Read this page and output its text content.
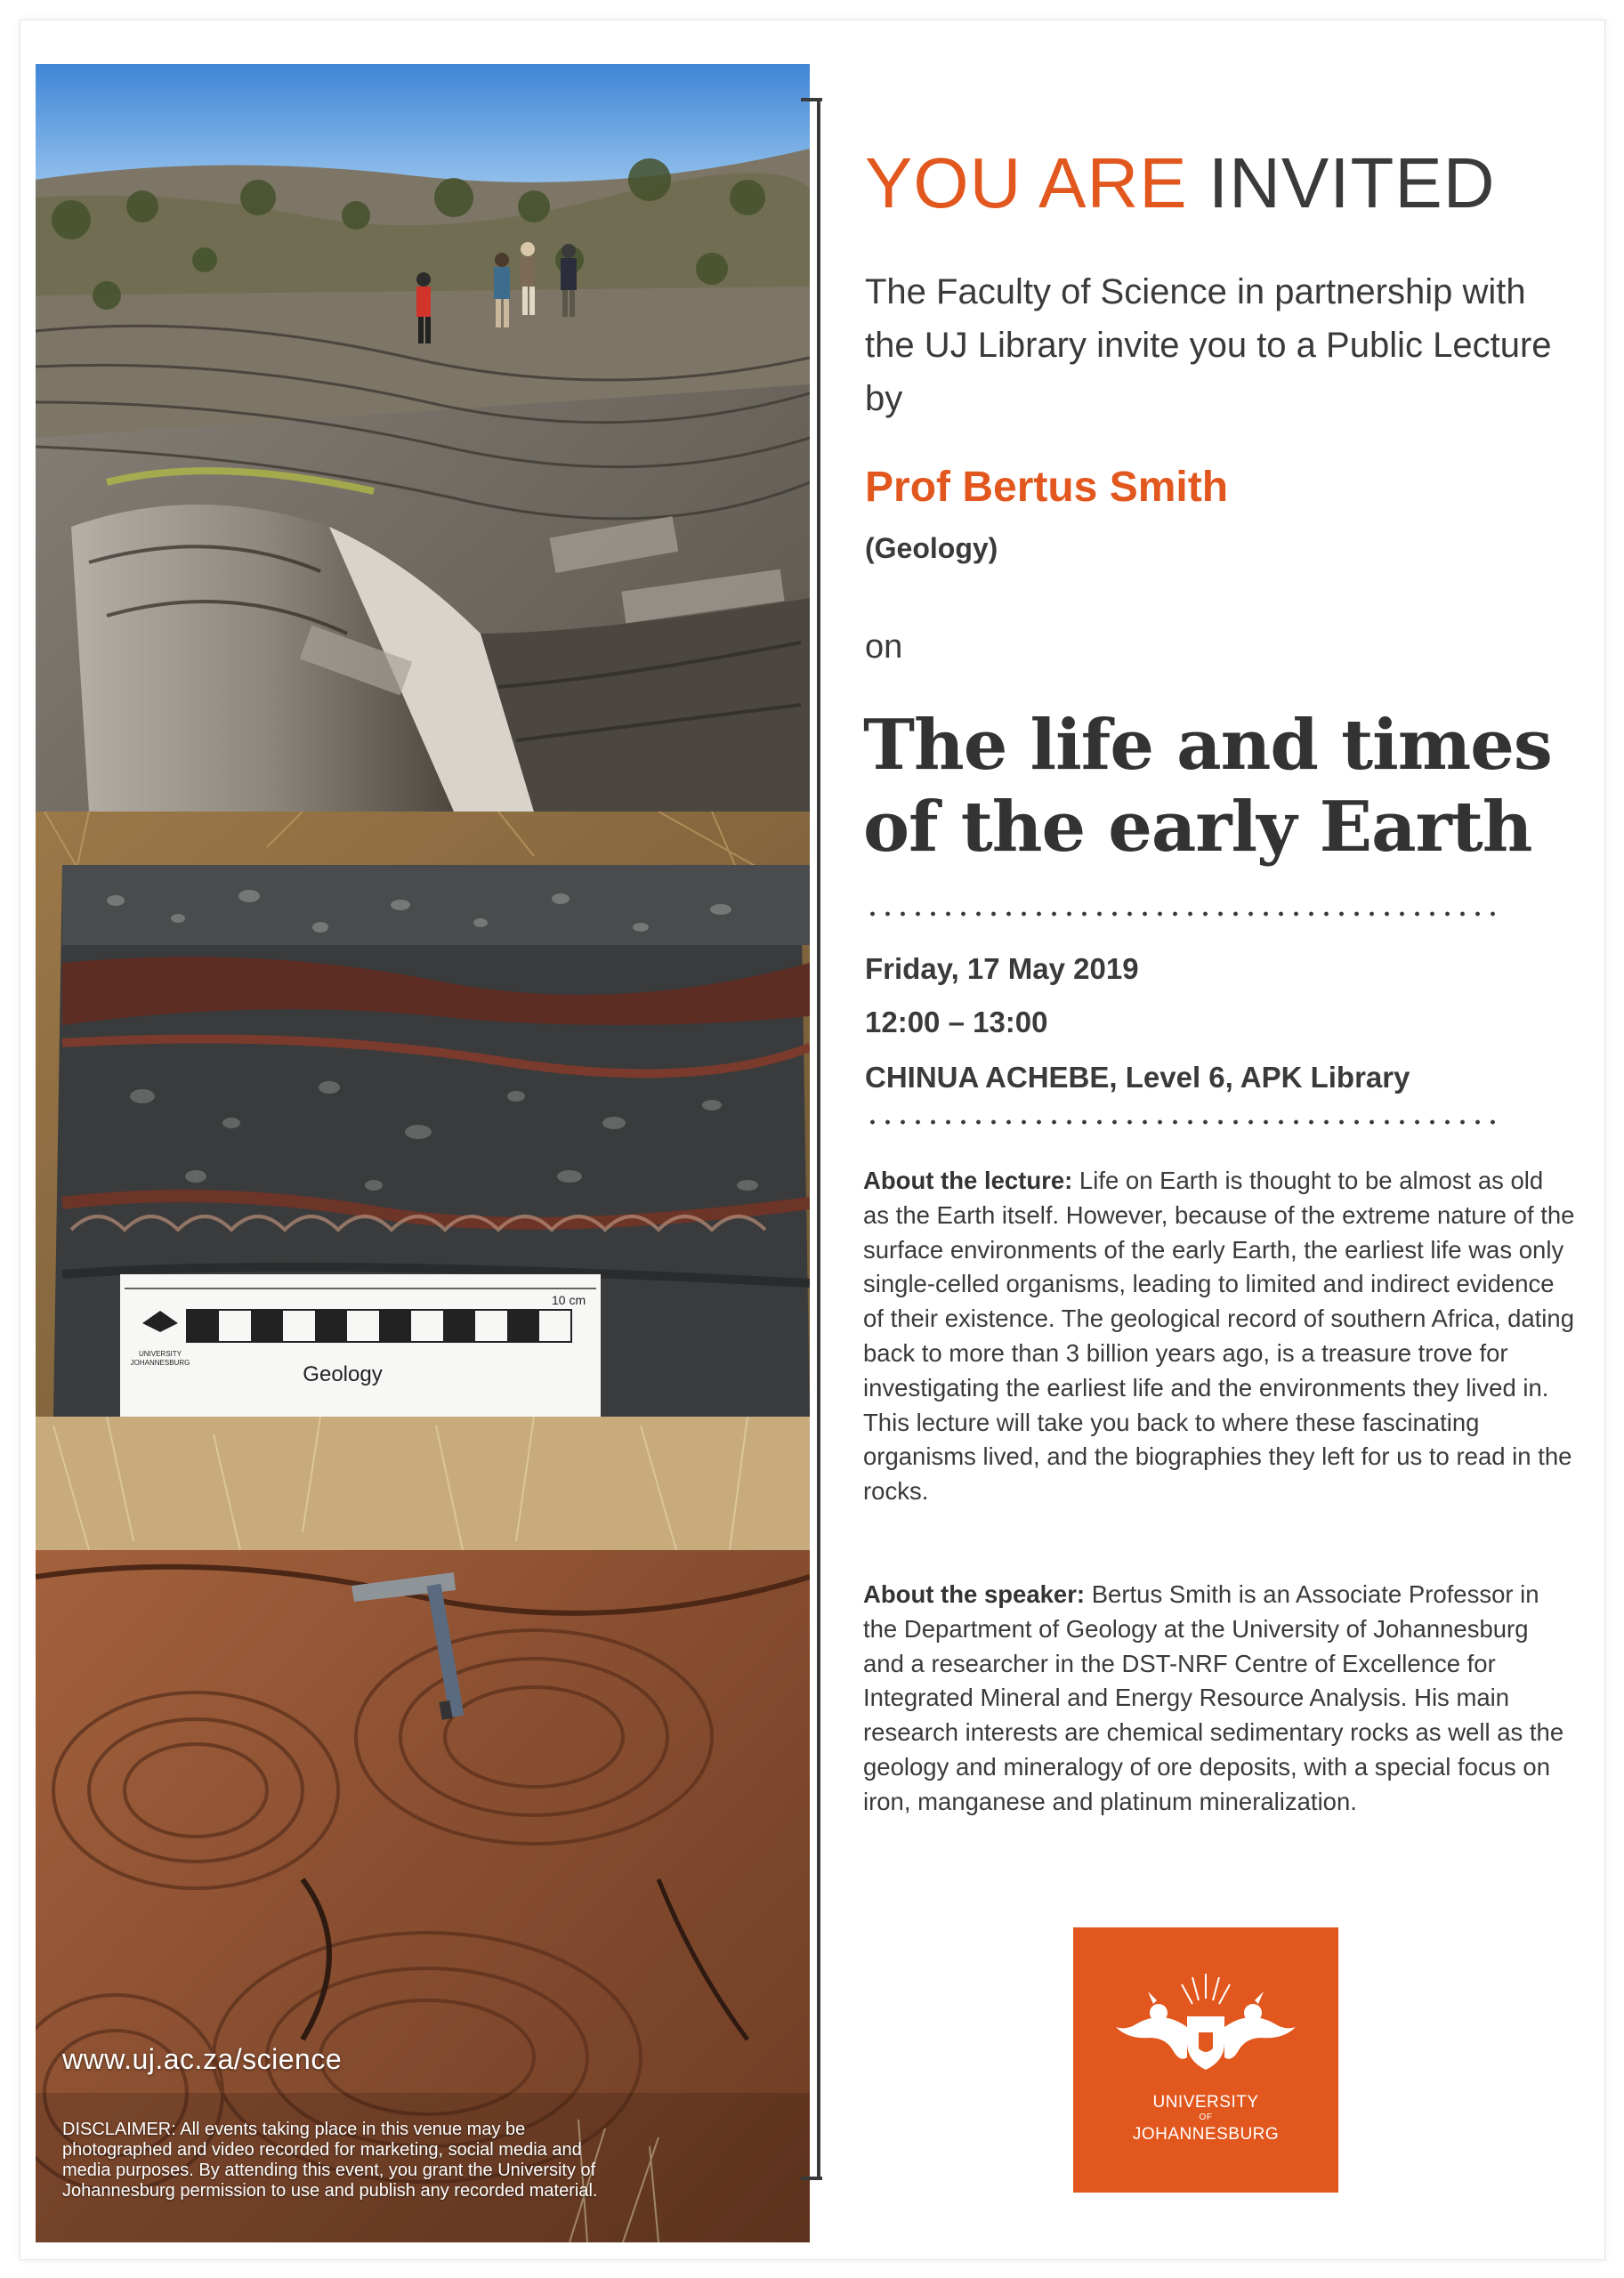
UNIVERSITY
JOHANNESBURG
10 cm
Geology
www.uj.ac.za/science
DISCLAIMER: All events taking place in this venue may be
photographed and video recorded for marketing, social media and
media purposes. By attending this event, you grant the University of
Johannesburg permission to use and publish any recorded material.
YOU ARE INVITED
The Faculty of Science in partnership with the UJ Library invite you to a Public Lecture by
Prof Bertus Smith
(Geology)
on
The life and times of the early Earth
Friday, 17 May 2019
12:00 – 13:00
CHINUA ACHEBE, Level 6, APK Library
About the lecture: Life on Earth is thought to be almost as old as the Earth itself. However, because of the extreme nature of the surface environments of the early Earth, the earliest life was only single-celled organisms, leading to limited and indirect evidence of their existence. The geological record of southern Africa, dating back to more than 3 billion years ago, is a treasure trove for investigating the earliest life and the environments they lived in. This lecture will take you back to where these fascinating organisms lived, and the biographies they left for us to read in the rocks.
About the speaker: Bertus Smith is an Associate Professor in the Department of Geology at the University of Johannesburg and a researcher in the DST-NRF Centre of Excellence for Integrated Mineral and Energy Resource Analysis. His main research interests are chemical sedimentary rocks as well as the geology and mineralogy of ore deposits, with a special focus on iron, manganese and platinum mineralization.
UNIVERSITY
OF
JOHANNESBURG
